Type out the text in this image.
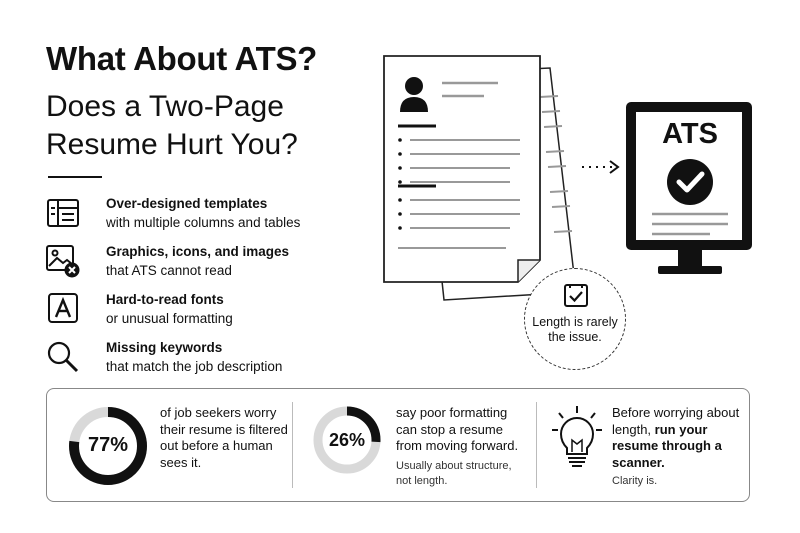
What About ATS?
Does a Two-Page Resume Hurt You?
Over-designed templates
with multiple columns and tables
Graphics, icons, and images
that ATS cannot read
Hard-to-read fonts
or unusual formatting
Missing keywords
that match the job description
ATS
Length is rarely the issue.
77%
of job seekers worry their resume is filtered out before a human sees it.
26%
say poor formatting can stop a resume from moving forward.
Usually about structure, not length.
Before worrying about length, run your resume through a scanner.
Clarity is.
